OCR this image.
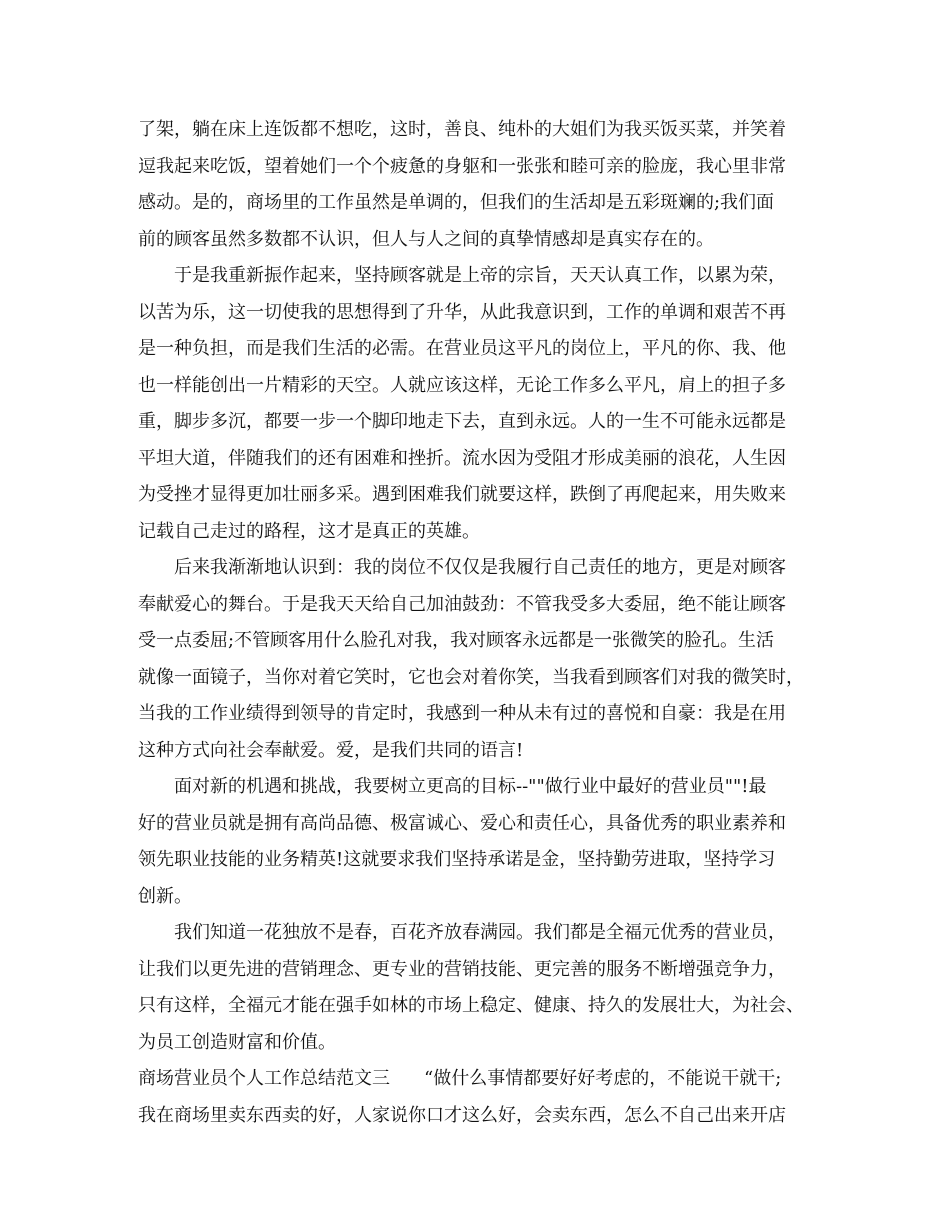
了架，躺在床上连饭都不想吃，这时，善良、纯朴的大姐们为我买饭买菜，并笑着
逗我起来吃饭，望着她们一个个疲惫的身躯和一张张和睦可亲的脸庞，我心里非常
感动。是的，商场里的工作虽然是单调的，但我们的生活却是五彩斑斓的;我们面
前的顾客虽然多数都不认识，但人与人之间的真挚情感却是真实存在的。

于是我重新振作起来，坚持顾客就是上帝的宗旨，天天认真工作，以累为荣，
以苦为乐，这一切使我的思想得到了升华，从此我意识到，工作的单调和艰苦不再
是一种负担，而是我们生活的必需。在营业员这平凡的岗位上，平凡的你、我、他
也一样能创出一片精彩的天空。人就应该这样，无论工作多么平凡，肩上的担子多
重，脚步多沉，都要一步一个脚印地走下去，直到永远。人的一生不可能永远都是
平坦大道，伴随我们的还有困难和挫折。流水因为受阻才形成美丽的浪花，人生因
为受挫才显得更加壮丽多采。遇到困难我们就要这样，跌倒了再爬起来，用失败来
记载自己走过的路程，这才是真正的英雄。

后来我渐渐地认识到：我的岗位不仅仅是我履行自己责任的地方，更是对顾客
奉献爱心的舞台。于是我天天给自己加油鼓劲：不管我受多大委屈，绝不能让顾客
受一点委屈;不管顾客用什么脸孔对我，我对顾客永远都是一张微笑的脸孔。生活
就像一面镜子，当你对着它笑时，它也会对着你笑，当我看到顾客们对我的微笑时，
当我的工作业绩得到领导的肯定时，我感到一种从未有过的喜悦和自豪：我是在用
这种方式向社会奉献爱。爱，是我们共同的语言!

面对新的机遇和挑战，我要树立更高的目标--""做行业中最好的营业员""!最
好的营业员就是拥有高尚品德、极富诚心、爱心和责任心，具备优秀的职业素养和
领先职业技能的业务精英!这就要求我们坚持承诺是金，坚持勤劳进取，坚持学习
创新。

我们知道一花独放不是春，百花齐放春满园。我们都是全福元优秀的营业员，
让我们以更先进的营销理念、更专业的营销技能、更完善的服务不断增强竞争力，
只有这样，全福元才能在强手如林的市场上稳定、健康、持久的发展壮大，为社会、
为员工创造财富和价值。

商场营业员个人工作总结范文三 “做什么事情都要好好考虑的，不能说干就干;

我在商场里卖东西卖的好，人家说你口才这么好，会卖东西，怎么不自己出来开店
